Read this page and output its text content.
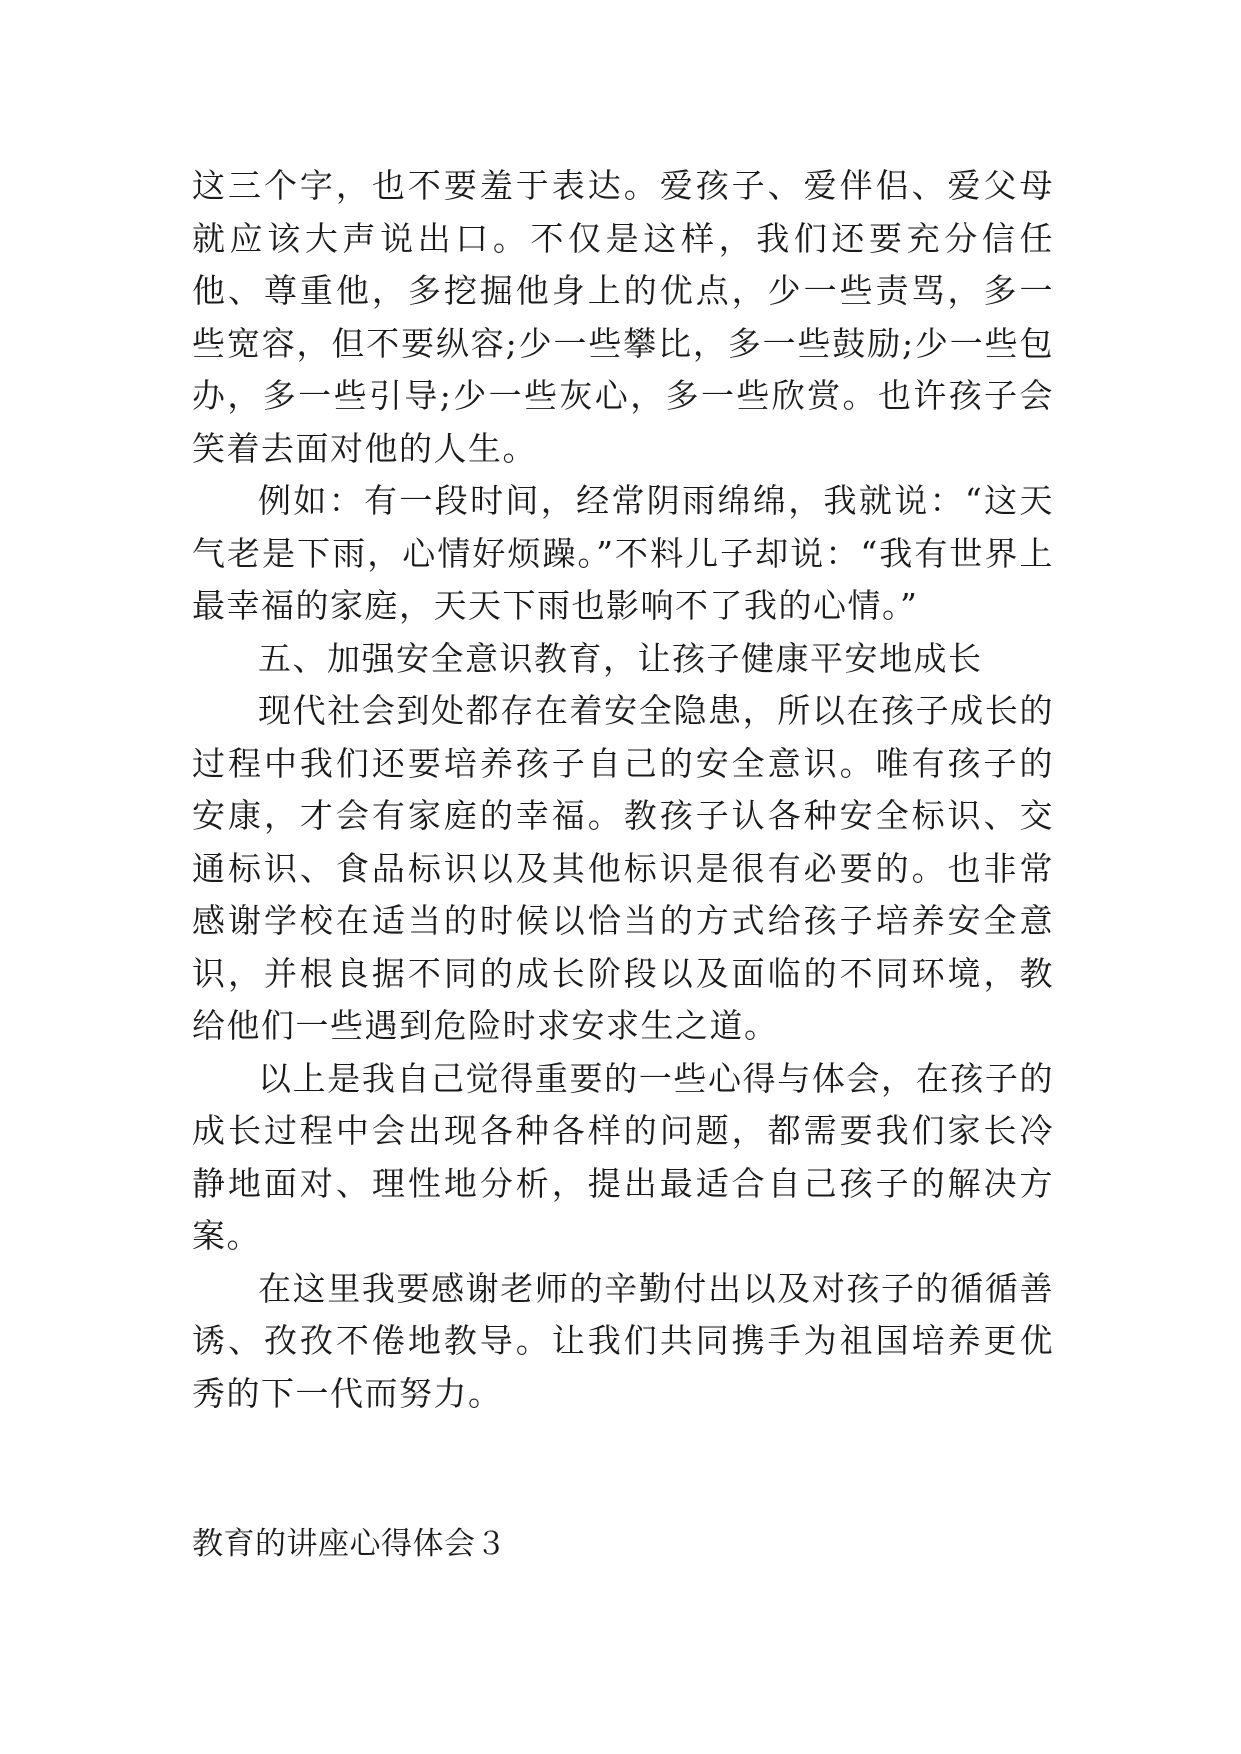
这三个字，也不要羞于表达。爱孩子、爱伴侣、爱父母就应该大声说出口。不仅是这样，我们还要充分信任他、尊重他，多挖掘他身上的优点，少一些责骂，多一些宽容，但不要纵容;少一些攀比，多一些鼓励;少一些包办，多一些引导;少一些灰心，多一些欣赏。也许孩子会笑着去面对他的人生。

例如：有一段时间，经常阴雨绵绵，我就说：“这天气老是下雨，心情好烦躁。”不料儿子却说：“我有世界上最幸福的家庭，天天下雨也影响不了我的心情。”

五、加强安全意识教育，让孩子健康平安地成长

现代社会到处都存在着安全隐患，所以在孩子成长的过程中我们还要培养孩子自己的安全意识。唯有孩子的安康，才会有家庭的幸福。教孩子认各种安全标识、交通标识、食品标识以及其他标识是很有必要的。也非常感谢学校在适当的时候以恰当的方式给孩子培养安全意识，并根良据不同的成长阶段以及面临的不同环境，教给他们一些遇到危险时求安求生之道。

以上是我自己觉得重要的一些心得与体会，在孩子的成长过程中会出现各种各样的问题，都需要我们家长冷静地面对、理性地分析，提出最适合自己孩子的解决方案。

在这里我要感谢老师的辛勤付出以及对孩子的循循善诱、孜孜不倦地教导。让我们共同携手为祖国培养更优秀的下一代而努力。

教育的讲座心得体会３
